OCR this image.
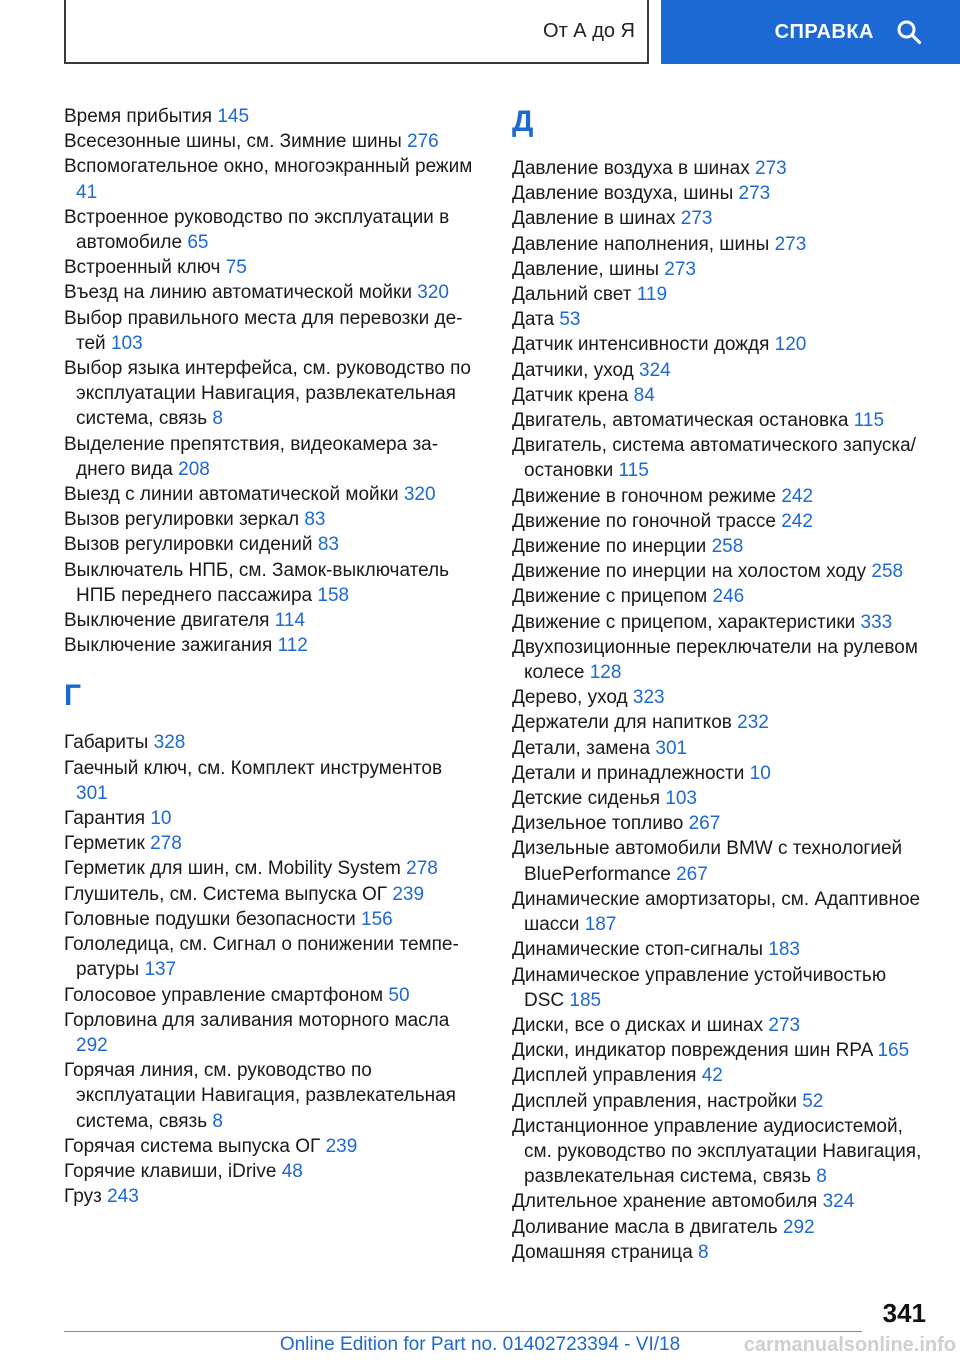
От А до Я	СПРАВКА

Время прибытия 145

Всесезонные шины, см. Зимние шины 276

Вспомогательное окно, многоэкранный режим 41

Встроенное руководство по эксплуатации в автомобиле 65

Встроенный ключ 75

Въезд на линию автоматической мойки 320

Выбор правильного места для перевозки детей 103

Выбор языка интерфейса, см. руководство по эксплуатации Навигация, развлекательная система, связь 8

Выделение препятствия, видеокамера заднего вида 208

Выезд с линии автоматической мойки 320

Вызов регулировки зеркал 83

Вызов регулировки сидений 83

Выключатель НПБ, см. Замок-выключатель НПБ переднего пассажира 158

Выключение двигателя 114

Выключение зажигания 112

Г

Габариты 328

Гаечный ключ, см. Комплект инструментов 301

Гарантия 10

Герметик 278

Герметик для шин, см. Mobility System 278

Глушитель, см. Система выпуска ОГ 239

Головные подушки безопасности 156

Гололедица, см. Сигнал о понижении температуры 137

Голосовое управление смартфоном 50

Горловина для заливания моторного масла 292

Горячая линия, см. руководство по эксплуатации Навигация, развлекательная система, связь 8

Горячая система выпуска ОГ 239

Горячие клавиши, iDrive 48

Груз 243

Д

Давление воздуха в шинах 273

Давление воздуха, шины 273

Давление в шинах 273

Давление наполнения, шины 273

Давление, шины 273

Дальний свет 119

Дата 53

Датчик интенсивности дождя 120

Датчики, уход 324

Датчик крена 84

Двигатель, автоматическая остановка 115

Двигатель, система автоматического запуска/остановки 115

Движение в гоночном режиме 242

Движение по гоночной трассе 242

Движение по инерции 258

Движение по инерции на холостом ходу 258

Движение с прицепом 246

Движение с прицепом, характеристики 333

Двухпозиционные переключатели на рулевом колесе 128

Дерево, уход 323

Держатели для напитков 232

Детали, замена 301

Детали и принадлежности 10

Детские сиденья 103

Дизельное топливо 267

Дизельные автомобили BMW с технологией BluePerformance 267

Динамические амортизаторы, см. Адаптивное шасси 187

Динамические стоп-сигналы 183

Динамическое управление устойчивостью DSC 185

Диски, все о дисках и шинах 273

Диски, индикатор повреждения шин RPA 165

Дисплей управления 42

Дисплей управления, настройки 52

Дистанционное управление аудиосистемой, см. руководство по эксплуатации Навигация, развлекательная система, связь 8

Длительное хранение автомобиля 324

Доливание масла в двигатель 292

Домашняя страница 8

341
Online Edition for Part no. 01402723394 - VI/18	carmanualsonline.info
